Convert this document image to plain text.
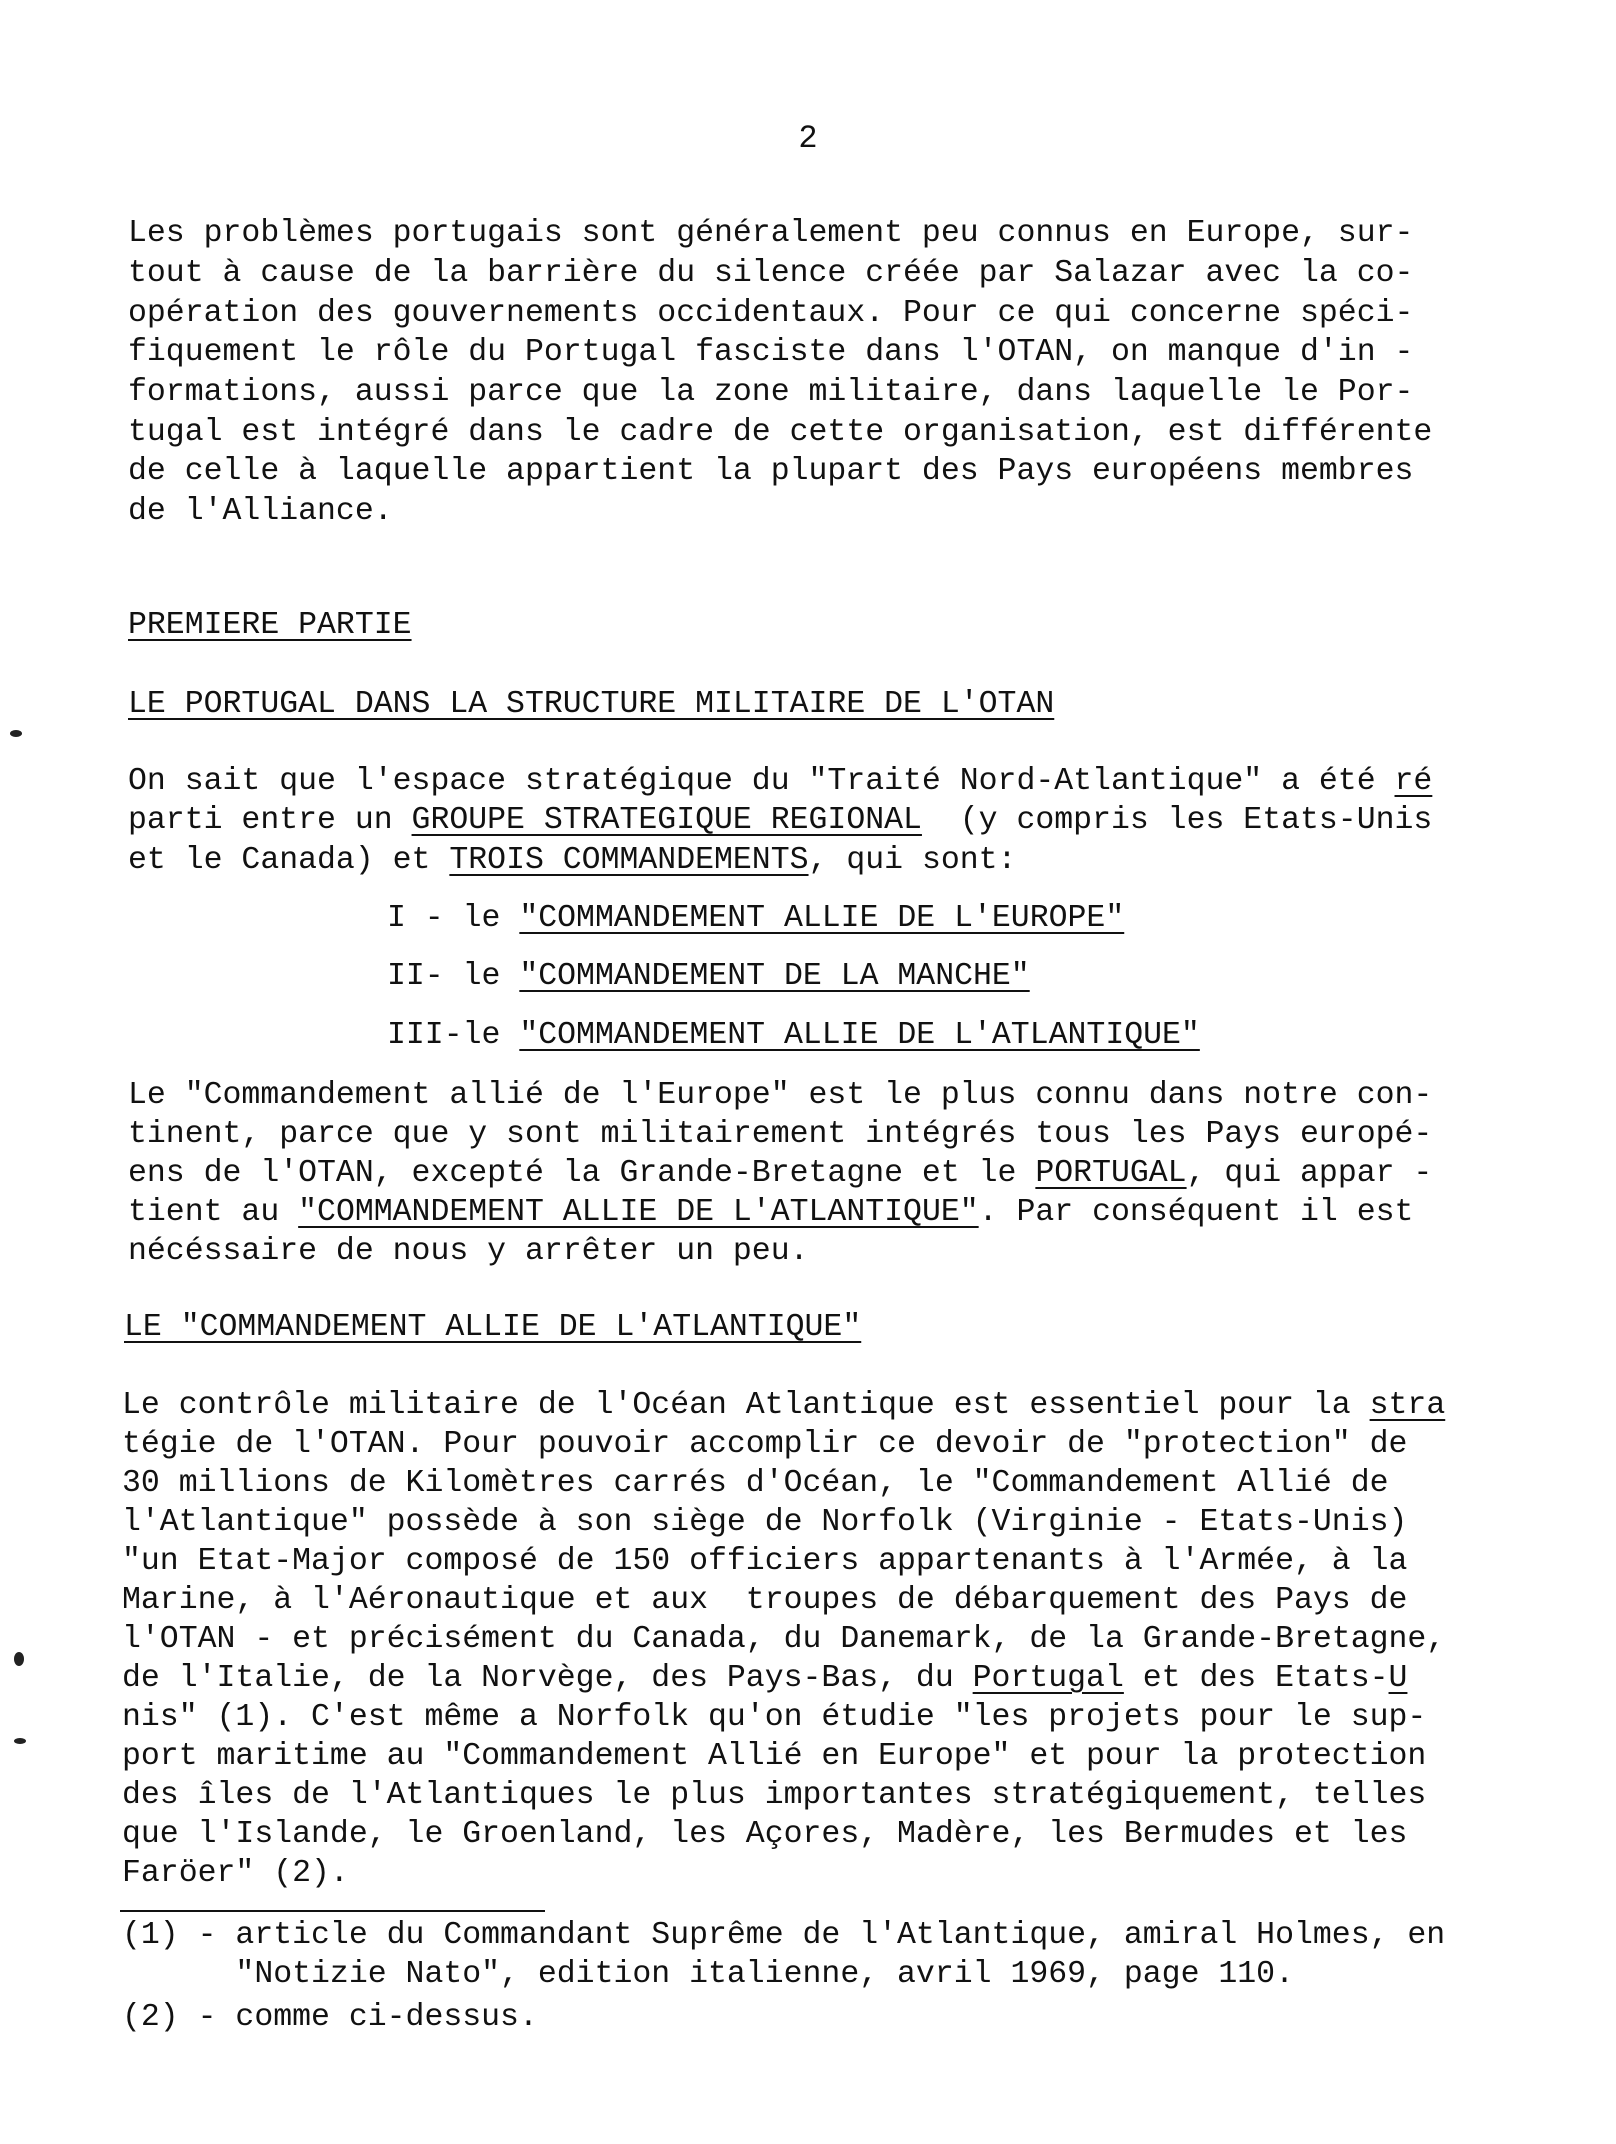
2
Les problèmes portugais sont généralement peu connus en Europe, sur-
tout à cause de la barrière du silence créée par Salazar avec la co-
opération des gouvernements occidentaux. Pour ce qui concerne spéci-
fiquement le rôle du Portugal fasciste dans l'OTAN, on manque d'in -
formations, aussi parce que la zone militaire, dans laquelle le Por-
tugal est intégré dans le cadre de cette organisation, est différente
de celle à laquelle appartient la plupart des Pays européens membres
de l'Alliance.
PREMIERE PARTIE
LE PORTUGAL DANS LA STRUCTURE MILITAIRE DE L'OTAN
On sait que l'espace stratégique du "Traité Nord-Atlantique" a été ré
parti entre un GROUPE STRATEGIQUE REGIONAL  (y compris les Etats-Unis
et le Canada) et TROIS COMMANDEMENTS, qui sont:
I - le "COMMANDEMENT ALLIE DE L'EUROPE"
II- le "COMMANDEMENT DE LA MANCHE"
III-le "COMMANDEMENT ALLIE DE L'ATLANTIQUE"
Le "Commandement allié de l'Europe" est le plus connu dans notre con-
tinent, parce que y sont militairement intégrés tous les Pays europé-
ens de l'OTAN, excepté la Grande-Bretagne et le PORTUGAL, qui appar -
tient au "COMMANDEMENT ALLIE DE L'ATLANTIQUE". Par conséquent il est
nécéssaire de nous y arrêter un peu.
LE "COMMANDEMENT ALLIE DE L'ATLANTIQUE"
Le contrôle militaire de l'Océan Atlantique est essentiel pour la stra
tégie de l'OTAN. Pour pouvoir accomplir ce devoir de "protection" de
30 millions de Kilomètres carrés d'Océan, le "Commandement Allié de
l'Atlantique" possède à son siège de Norfolk (Virginie - Etats-Unis)
"un Etat-Major composé de 150 officiers appartenants à l'Armée, à la
Marine, à l'Aéronautique et aux  troupes de débarquement des Pays de
l'OTAN - et précisément du Canada, du Danemark, de la Grande-Bretagne,
de l'Italie, de la Norvège, des Pays-Bas, du Portugal et des Etats-U
nis" (1). C'est même a Norfolk qu'on étudie "les projets pour le sup-
port maritime au "Commandement Allié en Europe" et pour la protection
des îles de l'Atlantiques le plus importantes stratégiquement, telles
que l'Islande, le Groenland, les Açores, Madère, les Bermudes et les
Faröer" (2).
(1) - article du Commandant Suprême de l'Atlantique, amiral Holmes, en
"Notizie Nato", edition italienne, avril 1969, page 110.
(2) - comme ci-dessus.
